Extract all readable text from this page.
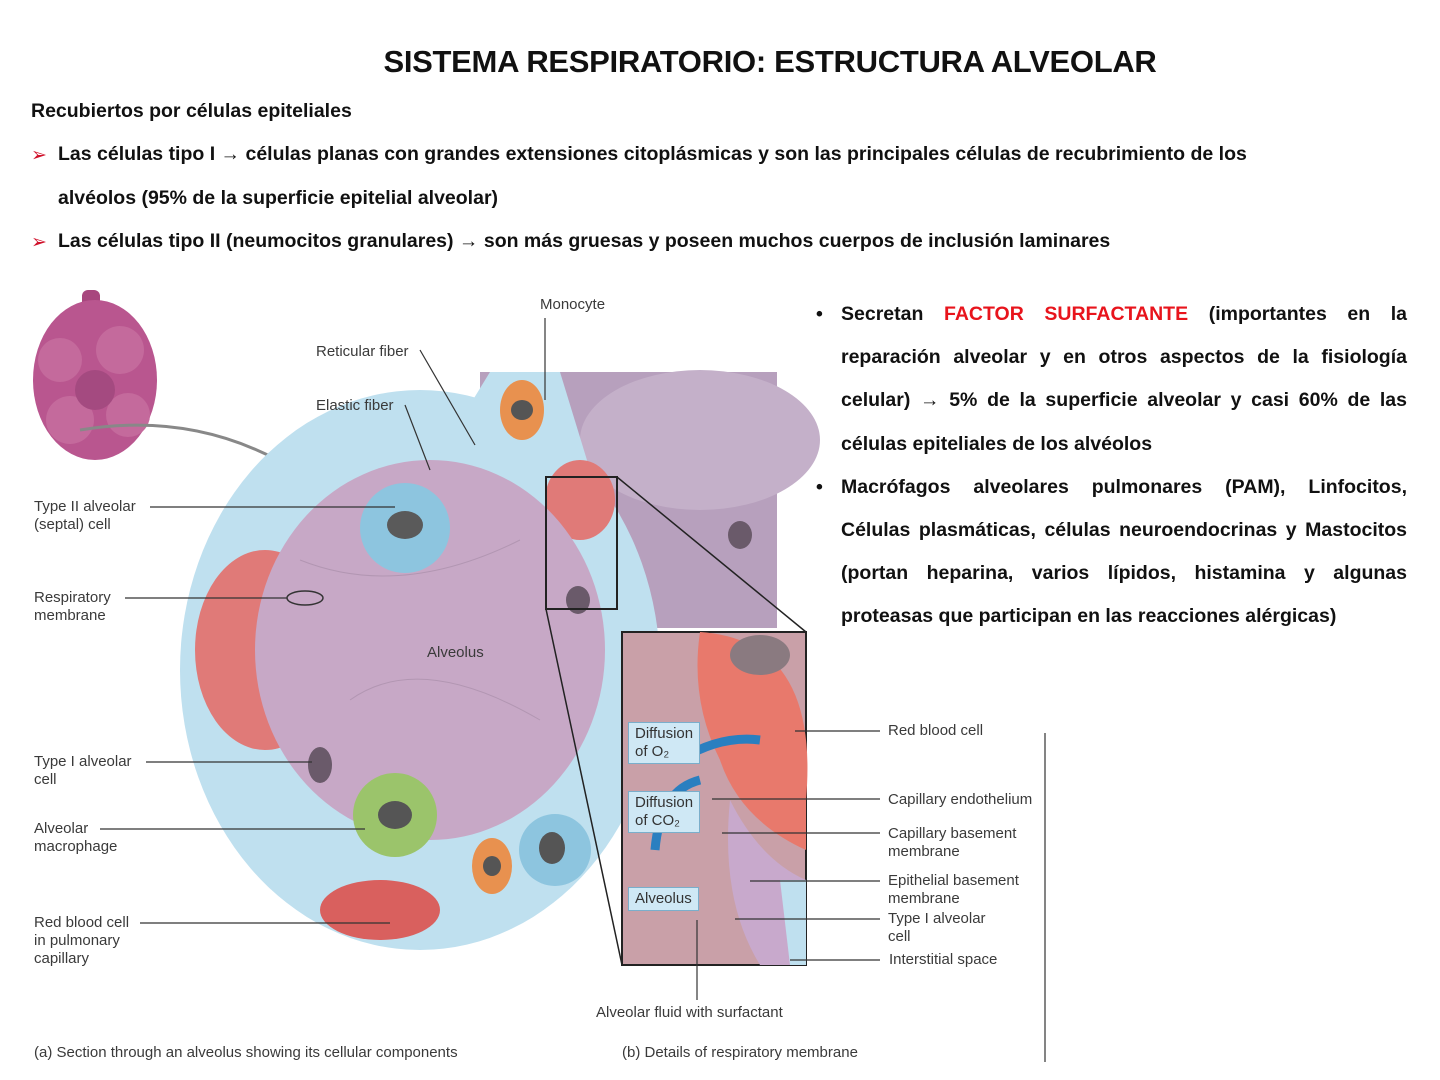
SISTEMA RESPIRATORIO: ESTRUCTURA ALVEOLAR
Recubiertos por células epiteliales
➢ Las células tipo I → células planas con grandes extensiones citoplásmicas y son las principales células de recubrimiento de los
alvéolos (95% de la superficie epitelial alveolar)
➢ Las células tipo II (neumocitos granulares) → son más gruesas y poseen muchos cuerpos de inclusión laminares

• Secretan FACTOR SURFACTANTE (importantes en la reparación alveolar y en otros aspectos de la fisiología celular) → 5% de la superficie alveolar y casi 60% de las células epiteliales de los alvéolos

• Macrófagos alveolares pulmonares (PAM), Linfocitos, Células plasmáticas, células neuroendocrinas y Mastocitos (portan heparina, varios lípidos, histamina y algunas proteasas que participan en las reacciones alérgicas)

Monocyte
Reticular fiber
Elastic fiber
Type II alveolar
(septal) cell
Respiratory
membrane
Alveolus
Type I alveolar
cell
Alveolar
macrophage
Red blood cell
in pulmonary
capillary
Diffusion
of O₂
Diffusion
of CO₂
Alveolus
Red blood cell
Capillary endothelium
Capillary basement
membrane
Epithelial basement
membrane
Type I alveolar
cell
Interstitial space
Alveolar fluid with surfactant
(a) Section through an alveolus showing its cellular components	(b) Details of respiratory membrane
